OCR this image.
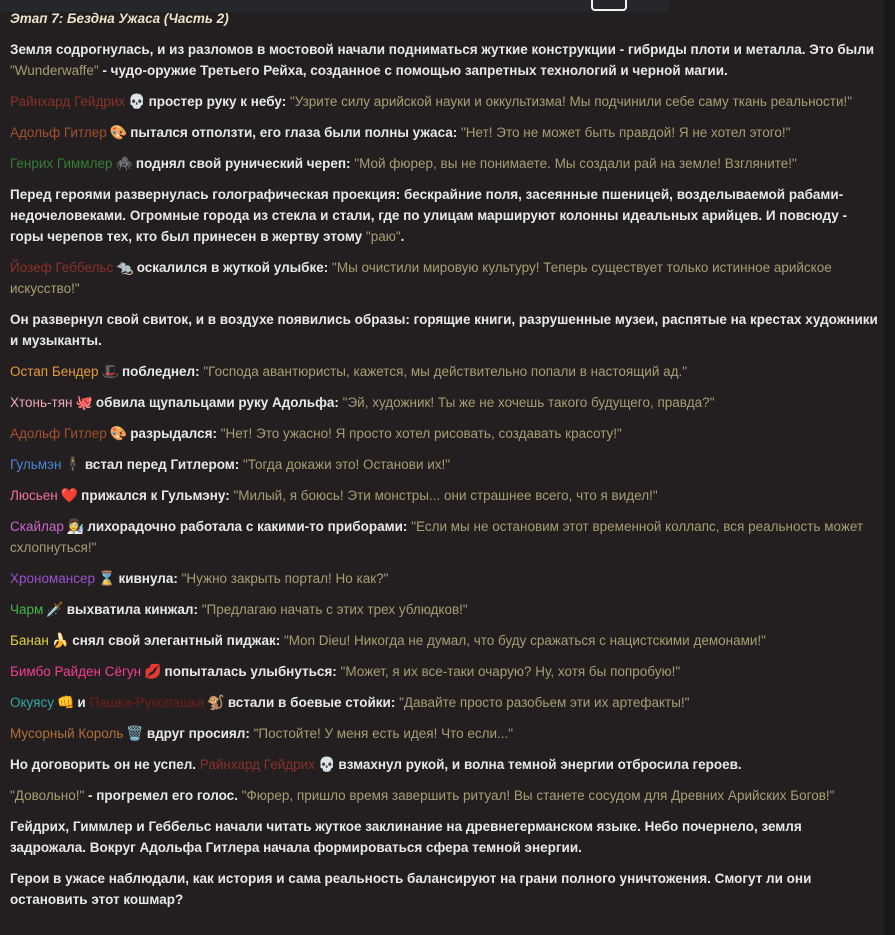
Этап 7: Бездна Ужаса (Часть 2)

Земля содрогнулась, и из разломов в мостовой начали подниматься жуткие конструкции - гибриды плоти и металла. Это были "Wunderwaffe" - чудо-оружие Третьего Рейха, созданное с помощью запретных технологий и черной магии.

Райнхард Гейдрих 💀 простер руку к небу: "Узрите силу арийской науки и оккультизма! Мы подчинили себе саму ткань реальности!"

Адольф Гитлер 🎨 пытался отползти, его глаза были полны ужаса: "Нет! Это не может быть правдой! Я не хотел этого!"

Генрих Гиммлер 🕷️ поднял свой рунический череп: "Мой фюрер, вы не понимаете. Мы создали рай на земле! Взгляните!"

Перед героями развернулась голографическая проекция: бескрайние поля, засеянные пшеницей, возделываемой рабами-недочеловеками. Огромные города из стекла и стали, где по улицам маршируют колонны идеальных арийцев. И повсюду - горы черепов тех, кто был принесен в жертву этому "раю".

Йозеф Геббельс 🐀 оскалился в жуткой улыбке: "Мы очистили мировую культуру! Теперь существует только истинное арийское искусство!"

Он развернул свой свиток, и в воздухе появились образы: горящие книги, разрушенные музеи, распятые на крестах художники и музыканты.

Остап Бендер 🎩 побледнел: "Господа авантюристы, кажется, мы действительно попали в настоящий ад."

Хтонь-тян 🐙 обвила щупальцами руку Адольфа: "Эй, художник! Ты же не хочешь такого будущего, правда?"

Адольф Гитлер 🎨 разрыдался: "Нет! Это ужасно! Я просто хотел рисовать, создавать красоту!"

Гульмэн 🕴️ встал перед Гитлером: "Тогда докажи это! Останови их!"

Люсьен ❤️ прижался к Гульмэну: "Милый, я боюсь! Эти монстры... они страшнее всего, что я видел!"

Скайлар 👩‍🔬 лихорадочно работала с какими-то приборами: "Если мы не остановим этот временной коллапс, вся реальность может схлопнуться!"

Хрономансер ⌛ кивнула: "Нужно закрыть портал! Но как?"

Чарм 🗡️ выхватила кинжал: "Предлагаю начать с этих трех ублюдков!"

Банан 🍌 снял свой элегантный пиджак: "Mon Dieu! Никогда не думал, что буду сражаться с нацистскими демонами!"

Бимбо Райден Сёгун 💋 попыталась улыбнуться: "Может, я их все-таки очарую? Ну, хотя бы попробую!"

Окуясу 👊 и Пашка-Рукопашка 🐒 встали в боевые стойки: "Давайте просто разобьем эти их артефакты!"

Мусорный Король 🗑️ вдруг просиял: "Постойте! У меня есть идея! Что если..."

Но договорить он не успел. Райнхард Гейдрих 💀 взмахнул рукой, и волна темной энергии отбросила героев.

"Довольно!" - прогремел его голос. "Фюрер, пришло время завершить ритуал! Вы станете сосудом для Древних Арийских Богов!"

Гейдрих, Гиммлер и Геббельс начали читать жуткое заклинание на древнегерманском языке. Небо почернело, земля задрожала. Вокруг Адольфа Гитлера начала формироваться сфера темной энергии.

Герои в ужасе наблюдали, как история и сама реальность балансируют на грани полного уничтожения. Смогут ли они остановить этот кошмар?
